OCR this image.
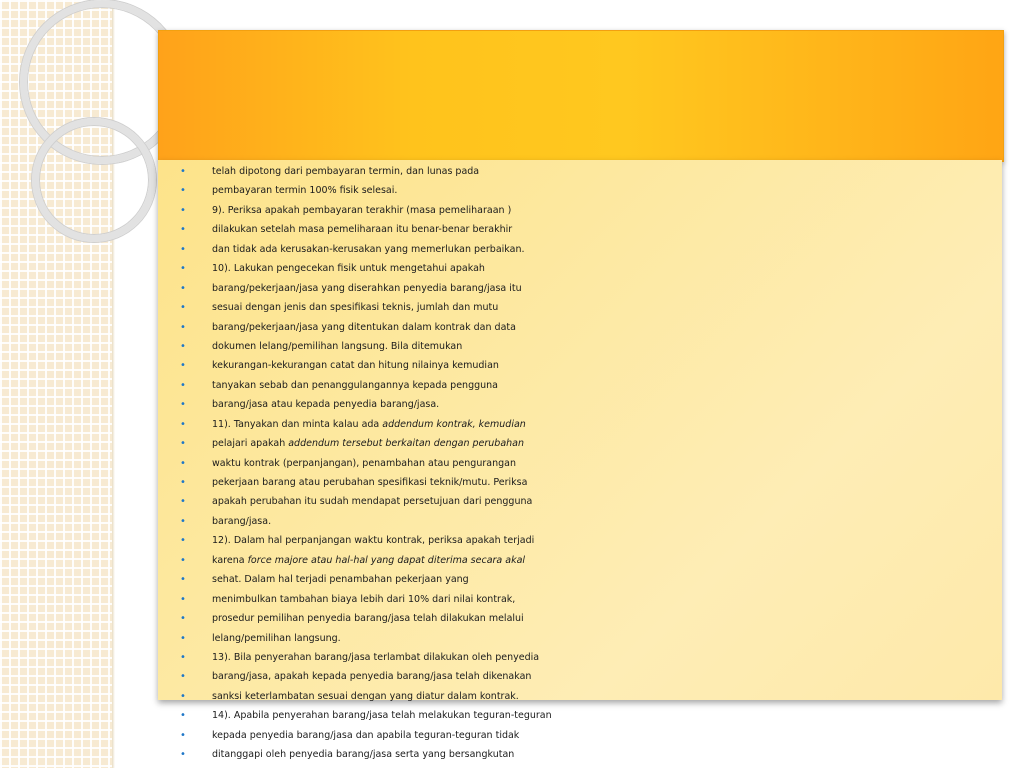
• telah dipotong dari pembayaran termin, dan lunas pada
• pembayaran termin 100% fisik selesai.
• 9). Periksa apakah pembayaran terakhir (masa pemeliharaan )
• dilakukan setelah masa pemeliharaan itu benar-benar berakhir
• dan tidak ada kerusakan-kerusakan yang memerlukan perbaikan.
• 10). Lakukan pengecekan fisik untuk mengetahui apakah
• barang/pekerjaan/jasa yang diserahkan penyedia barang/jasa itu
• sesuai dengan jenis dan spesifikasi teknis, jumlah dan mutu
• barang/pekerjaan/jasa yang ditentukan dalam kontrak dan data
• dokumen lelang/pemilihan langsung. Bila ditemukan
• kekurangan-kekurangan catat dan hitung nilainya kemudian
• tanyakan sebab dan penanggulangannya kepada pengguna
• barang/jasa atau kepada penyedia barang/jasa.
• 11). Tanyakan dan minta kalau ada addendum kontrak, kemudian
• pelajari apakah addendum tersebut berkaitan dengan perubahan
• waktu kontrak (perpanjangan), penambahan atau pengurangan
• pekerjaan barang atau perubahan spesifikasi teknik/mutu. Periksa
• apakah perubahan itu sudah mendapat persetujuan dari pengguna
• barang/jasa.
• 12). Dalam hal perpanjangan waktu kontrak, periksa apakah terjadi
• karena force majore atau hal-hal yang dapat diterima secara akal
• sehat. Dalam hal terjadi penambahan pekerjaan yang
• menimbulkan tambahan biaya lebih dari 10% dari nilai kontrak,
• prosedur pemilihan penyedia barang/jasa telah dilakukan melalui
• lelang/pemilihan langsung.
• 13). Bila penyerahan barang/jasa terlambat dilakukan oleh penyedia
• barang/jasa, apakah kepada penyedia barang/jasa telah dikenakan
• sanksi keterlambatan sesuai dengan yang diatur dalam kontrak.
• 14). Apabila penyerahan barang/jasa telah melakukan teguran-teguran
• kepada penyedia barang/jasa dan apabila teguran-teguran tidak
• ditanggapi oleh penyedia barang/jasa serta yang bersangkutan
